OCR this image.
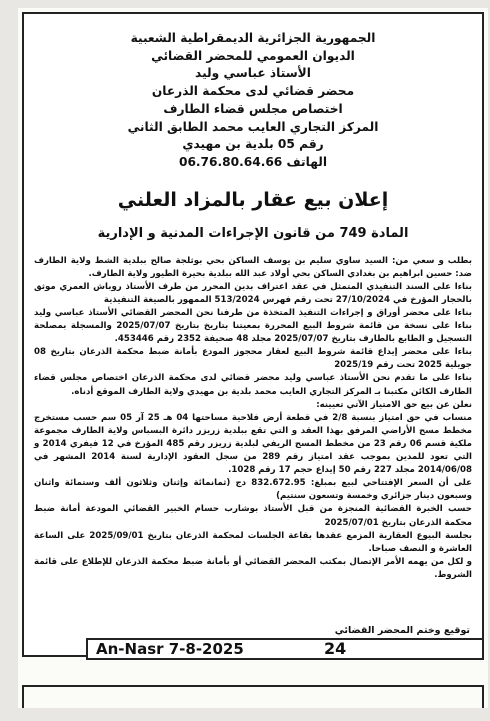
الجمهورية الجزائرية الديمقراطية الشعبية
الديوان العمومي للمحضر القضائي
الأستاذ عباسي وليد
محضر قضائي لدى محكمة الذرعان
اختصاص مجلس قضاء الطارف
المركز التجاري العايب محمد الطابق الثاني
رقم 05 بلدية بن مهيدي
الهاتف 06.76.80.64.66
إعلان بيع عقار بالمزاد العلني
المادة 749 من قانون الإجراءات المدنية و الإدارية

بطلب و سعي من: السيد ساوي سليم بن يوسف الساكن بحي بوثلجة صالح ببلدية الشط ولاية الطارف ضد: حسين ابراهيم بن بغدادي الساكن بحي أولاد عبد الله ببلدية بحيرة الطيور ولاية الطارف.

بناءا على السند التنفيذي المتمثل في عقد اعتراف بدين المحرر من طرف الأستاذ روباش العمري موثق بالحجار المؤرخ في 27/10/2024 تحت رقم فهرس 513/2024 الممهور بالصيغة التنفيذية

بناءا على محضر أوراق و إجراءات التنفيذ المتخذة من طرفنا نحن المحضر القضائي الأستاذ عباسي وليد بناءا على نسخة من قائمة شروط البيع المحررة بمعيتنا بتاريخ بتاريخ 2025/07/07 والمسجلة بمصلحة التسجيل و الطابع بالطارف بتاريخ 2025/07/07 مجلد 48 صحيفة 2352 رقم 453446.

بناءا على محضر إيداع قائمة شروط البيع لعقار محجوز المودع بأمانة ضبط محكمة الذرعان بتاريخ 08 جويلية 2025 تحت رقم 2025/19

بناءا على ما تقدم نحن الأستاذ عباسي وليد محضر قضائي لدى محكمة الذرعان اختصاص مجلس قضاء الطارف الكائن مكتبنا بـ المركز التجاري العايب محمد بلدية بن مهيدي ولاية الطارف الموقع أدناه.

نعلن عن بيع حق الامتياز الآتي تعيينه:

منساب في حق امتياز بنسبة 2/8 في قطعة أرض فلاحية مساحتها 04 هـ 25 آر 05 سم حسب مستخرج مخطط مسح الأراضي المرفق بهذا العقد و التي تقع ببلدية زريزر دائرة البسباس ولاية الطارف مجموعة ملكية قسم 06 رقم 23 من مخطط المسح الريفي لبلدية زريزر رقم 485 المؤرخ في 12 فيفري 2014 و التي تعود للمدين بموجب عقد امتياز رقم 289 من سجل العقود الإدارية لسنة 2014 المشهر في 2014/06/08 مجلد 227 رقم 50 إيداع حجم 17 رقم 1028.

على أن السعر الإفتتاحي لبيع بمبلغ: 832.672.95 دج (ثمانمائة وإثنان وثلاثون ألف وستمائة واثنان وسبعون دينار جزائري وخمسة وتسعون سنتيم)

حسب الخبرة القضائية المنجزة من قبل الأستاذ بوشارب حسام الخبير القضائي المودعة أمانة ضبط محكمة الذرعان بتاريخ 2025/07/01

بجلسة البيوع العقارية المزمع عقدها بقاعة الجلسات لمحكمة الذرعان بتاريخ 2025/09/01 على الساعة العاشرة و النصف صباحا.

و لكل من يهمه الأمر الإتصال بمكتب المحضر القضائي أو بأمانة ضبط محكمة الذرعان للإطلاع على قائمة الشروط.

توقيع وختم المحضر القضائي
An-Nasr 7-8-2025	24
